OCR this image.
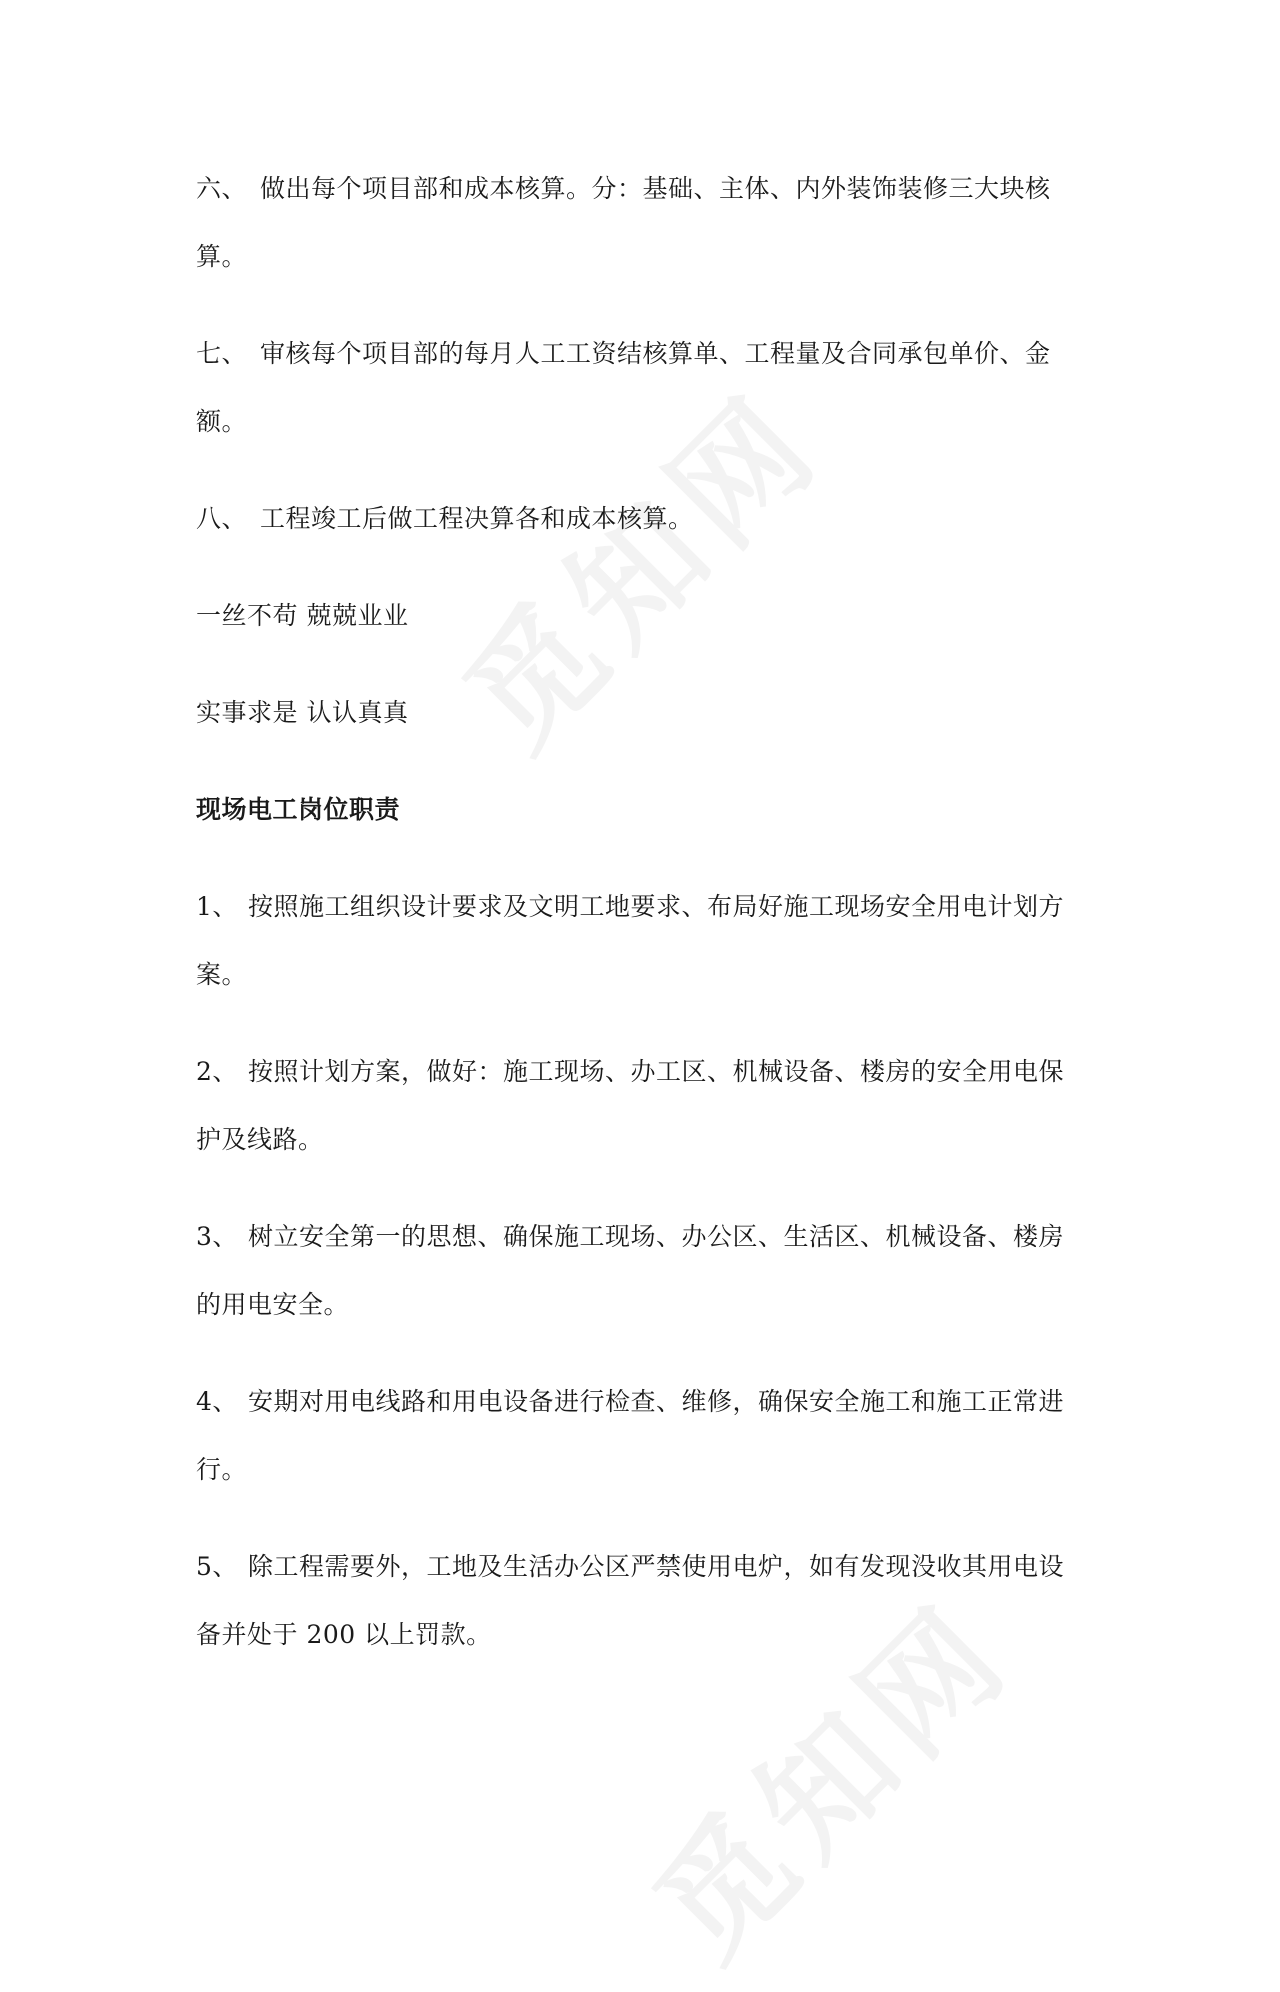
六、 做出每个项目部和成本核算。分：基础、主体、内外装饰装修三大块核
算。
七、 审核每个项目部的每月人工工资结核算单、工程量及合同承包单价、金
额。
八、 工程竣工后做工程决算各和成本核算。
一丝不苟 兢兢业业
实事求是 认认真真
现场电工岗位职责
1、 按照施工组织设计要求及文明工地要求、布局好施工现场安全用电计划方
案。
2、 按照计划方案，做好：施工现场、办工区、机械设备、楼房的安全用电保
护及线路。
3、 树立安全第一的思想、确保施工现场、办公区、生活区、机械设备、楼房
的用电安全。
4、 安期对用电线路和用电设备进行检查、维修，确保安全施工和施工正常进
行。
5、 除工程需要外，工地及生活办公区严禁使用电炉，如有发现没收其用电设
备并处于 200 以上罚款。
